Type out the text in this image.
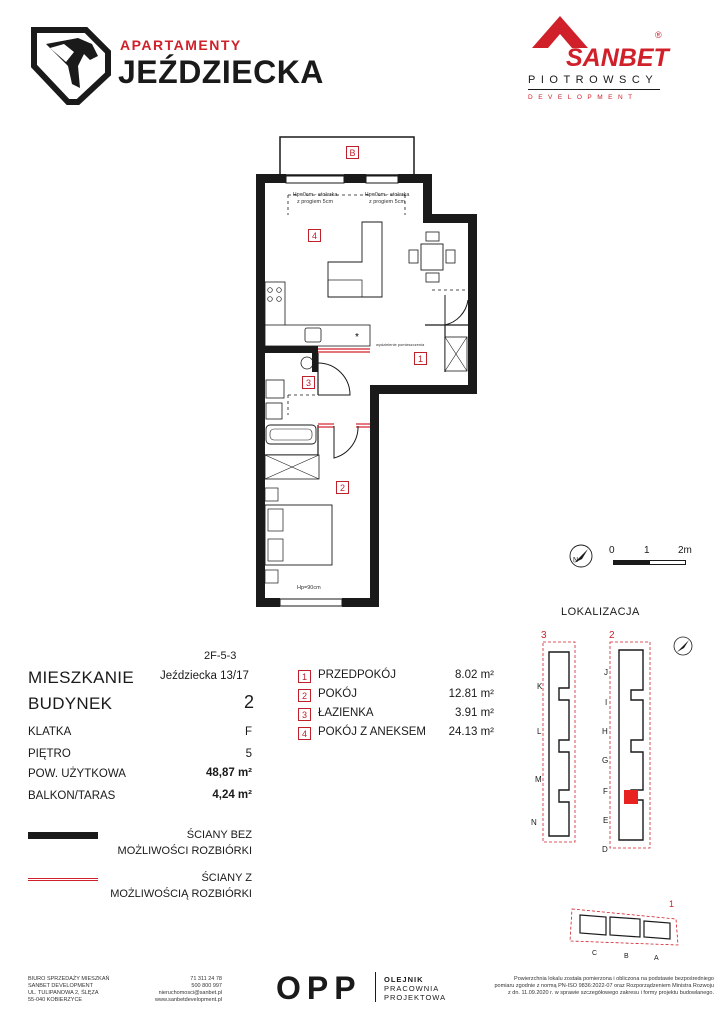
APARTAMENTY
JEŹDZIECKA	SANBET
®
PIOTROWSCY
DEVELOPMENT
*
B
4
1
3
2
Hp=0cm - stolarka
z progiem 5cm
Hp=0cm - stolarka
z progiem 5cm
Hp=90cm
wydzielenie pomieszczenia
N
0	1	2m
2F-5-3
MIESZKANIE Jeździecka 13/17
BUDYNEK	2
KLATKA	F
PIĘTRO	5
POW. UŻYTKOWA	48,87 m²
BALKON/TARAS	4,24 m²
1 PRZEDPOKÓJ	8.02 m²
2 POKÓJ	12.81 m²
3 ŁAZIENKA	3.91 m²
4 POKÓJ Z ANEKSEM	24.13 m²
ŚCIANY BEZ
MOŻLIWOŚCI ROZBIÓRKI
ŚCIANY Z
MOŻLIWOŚCIĄ ROZBIÓRKI
LOKALIZACJA
3	2
K
L
M
N
J
I
H
G
F
E
D
1
C	B	A
BIURO SPRZEDAŻY MIESZKAŃ
SANBET DEVELOPMENT
UL. TULIPANOWA 2, ŚLĘZA
55-040 KOBIERZYCE
71 311 24 78
500 800 997
nieruchomosci@sanbet.pl
www.sanbetdevelopment.pl OPP	OLEJNIK
PRACOWNIA
PROJEKTOWA
Powierzchnia lokalu została pomierzona i obliczona na podstawie bezpośredniego
pomiaru zgodnie z normą PN-ISO 9836:2022-07 oraz Rozporządzeniem Ministra Rozwoju
z dn. 11.09.2020 r. w sprawie szczegółowego zakresu i formy projektu budowlanego.
